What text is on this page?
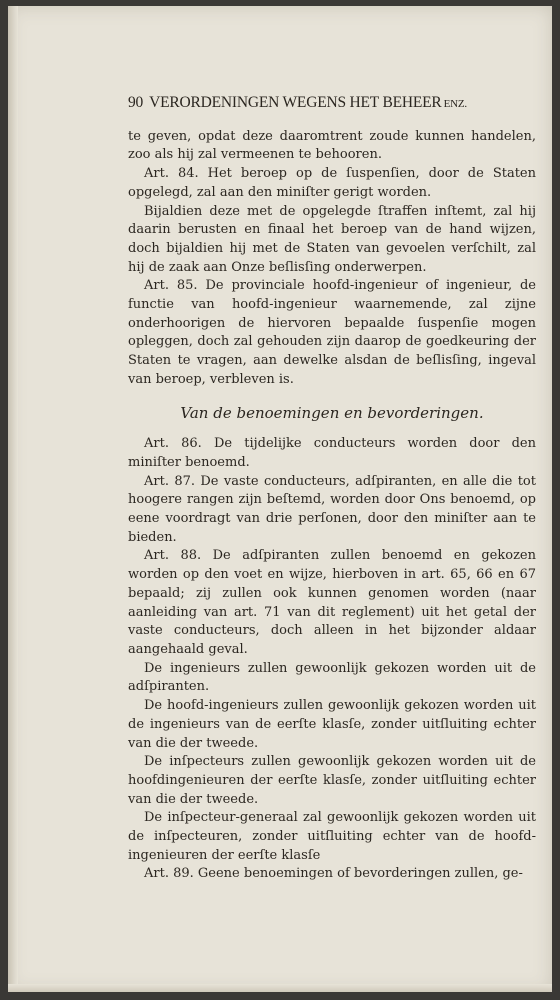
90 VERORDENINGEN WEGENS HET BEHEER ENZ.

te geven, opdat deze daaromtrent zoude kunnen handelen, zoo als hij zal vermeenen te behooren.

Art. 84. Het beroep op de ſuspenſien, door de Staten opgelegd, zal aan den miniſter gerigt worden.

Bijaldien deze met de opgelegde ſtraffen inſtemt, zal hij daarin berusten en finaal het beroep van de hand wijzen, doch bijaldien hij met de Staten van gevoelen verſchilt, zal hij de zaak aan Onze beſlisſing onderwerpen.

Art. 85. De provinciale hoofd-ingenieur of ingenieur, de functie van hoofd-ingenieur waarnemende, zal zijne onderhoorigen de hiervoren bepaalde ſuspenſie mogen opleggen, doch zal gehouden zijn daarop de goedkeuring der Staten te vragen, aan dewelke alsdan de beſlisſing, ingeval van beroep, verbleven is.

Van de benoemingen en bevorderingen.

Art. 86. De tijdelijke conducteurs worden door den miniſter benoemd.

Art. 87. De vaste conducteurs, adſpiranten, en alle die tot hoogere rangen zijn beſtemd, worden door Ons benoemd, op eene voordragt van drie perſonen, door den miniſter aan te bieden.

Art. 88. De adſpiranten zullen benoemd en gekozen worden op den voet en wijze, hierboven in art. 65, 66 en 67 bepaald; zij zullen ook kunnen genomen worden (naar aanleiding van art. 71 van dit reglement) uit het getal der vaste conducteurs, doch alleen in het bijzonder aldaar aangehaald geval.

De ingenieurs zullen gewoonlijk gekozen worden uit de adſpiranten.

De hoofd-ingenieurs zullen gewoonlijk gekozen worden uit de ingenieurs van de eerſte klasſe, zonder uitſluiting echter van die der tweede.

De inſpecteurs zullen gewoonlijk gekozen worden uit de hoofdingenieuren der eerſte klasſe, zonder uitſluiting echter van die der tweede.

De inſpecteur-generaal zal gewoonlijk gekozen worden uit de inſpecteuren, zonder uitſluiting echter van de hoofd-ingenieuren der eerſte klasſe

Art. 89. Geene benoemingen of bevorderingen zullen, ge-
